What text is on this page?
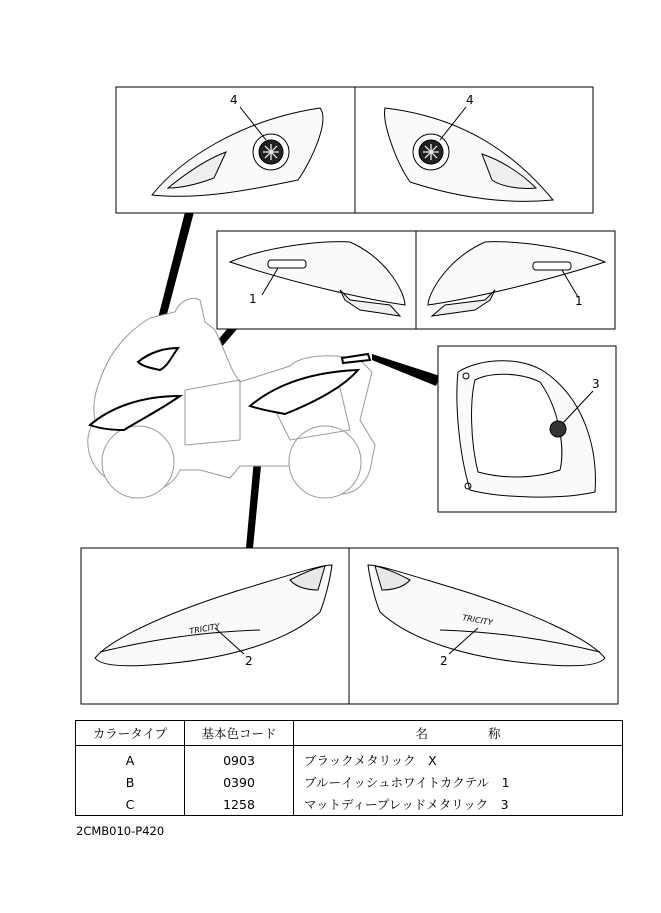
4	4
1	1
3
TRICITY
TRICITY
2	2
カラータイプ	基本色コード	名 称
A	0903	ブラックメタリック　X
B	0390	ブルーイッシュホワイトカクテル　1
C	1258	マットディープレッドメタリック　3
2CMB010-P420
